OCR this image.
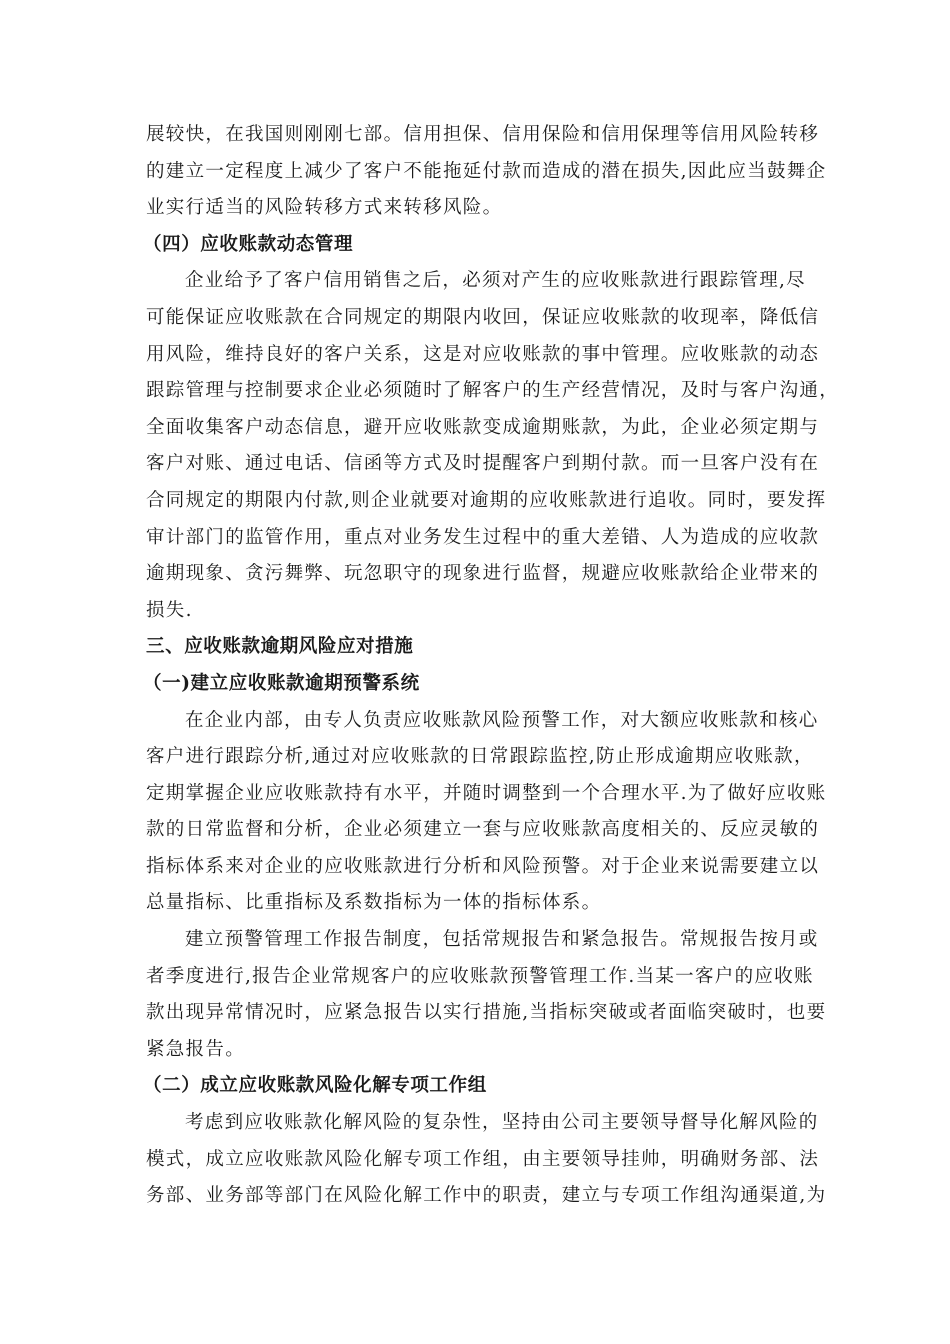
展较快，在我国则刚刚七部。信用担保、信用保险和信用保理等信用风险转移
的建立一定程度上减少了客户不能拖延付款而造成的潜在损失,因此应当鼓舞企
业实行适当的风险转移方式来转移风险。
（四）应收账款动态管理
企业给予了客户信用销售之后，必须对产生的应收账款进行跟踪管理,尽
可能保证应收账款在合同规定的期限内收回，保证应收账款的收现率，降低信
用风险，维持良好的客户关系，这是对应收账款的事中管理。应收账款的动态
跟踪管理与控制要求企业必须随时了解客户的生产经营情况，及时与客户沟通，
全面收集客户动态信息，避开应收账款变成逾期账款，为此，企业必须定期与
客户对账、通过电话、信函等方式及时提醒客户到期付款。而一旦客户没有在
合同规定的期限内付款,则企业就要对逾期的应收账款进行追收。同时，要发挥
审计部门的监管作用，重点对业务发生过程中的重大差错、人为造成的应收款
逾期现象、贪污舞弊、玩忽职守的现象进行监督，规避应收账款给企业带来的
损失.
三、应收账款逾期风险应对措施
（一)建立应收账款逾期预警系统
在企业内部，由专人负责应收账款风险预警工作，对大额应收账款和核心
客户进行跟踪分析,通过对应收账款的日常跟踪监控,防止形成逾期应收账款，
定期掌握企业应收账款持有水平，并随时调整到一个合理水平.为了做好应收账
款的日常监督和分析，企业必须建立一套与应收账款高度相关的、反应灵敏的
指标体系来对企业的应收账款进行分析和风险预警。对于企业来说需要建立以
总量指标、比重指标及系数指标为一体的指标体系。
建立预警管理工作报告制度，包括常规报告和紧急报告。常规报告按月或
者季度进行,报告企业常规客户的应收账款预警管理工作.当某一客户的应收账
款出现异常情况时，应紧急报告以实行措施,当指标突破或者面临突破时，也要
紧急报告。
（二）成立应收账款风险化解专项工作组
考虑到应收账款化解风险的复杂性，坚持由公司主要领导督导化解风险的
模式，成立应收账款风险化解专项工作组，由主要领导挂帅，明确财务部、法
务部、业务部等部门在风险化解工作中的职责，建立与专项工作组沟通渠道,为
